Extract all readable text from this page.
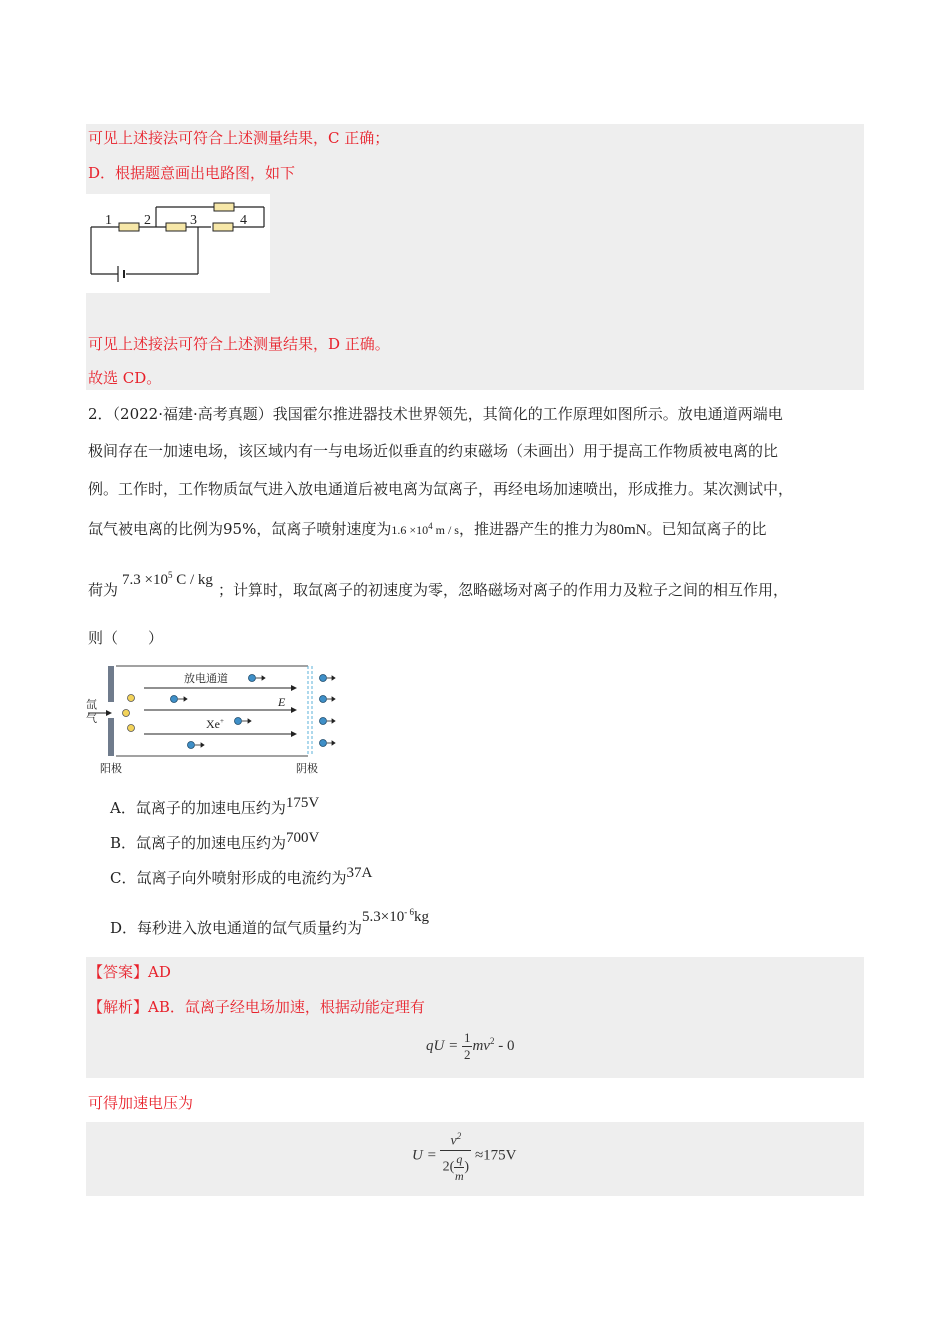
可见上述接法可符合上述测量结果，C 正确；
D．根据题意画出电路图，如下
1 2	3	4
可见上述接法可符合上述测量结果，D 正确。
故选 CD。
2．（2022·福建·高考真题）我国霍尔推进器技术世界领先，其简化的工作原理如图所示。放电通道两端电
极间存在一加速电场，该区域内有一与电场近似垂直的约束磁场（未画出）用于提高工作物质被电离的比
例。工作时，工作物质氙气进入放电通道后被电离为氙离子，再经电场加速喷出，形成推力。某次测试中，
氙气被电离的比例为95%，氙离子喷射速度为$1.6 \times 10^4$ m / s，推进器产生的推力为80mN。已知氙离子的比
荷为
$7.3 \times 10^5$ C / kg
；计算时，取氙离子的初速度为零，忽略磁场对离子的作用力及粒子之间的相互作用，
则（　　）
氙
气
阳极	阴极
放电通道
E
Xe+
A．氙离子的加速电压约为175V
B．氙离子的加速电压约为700V
C．氙离子向外喷射形成的电流约为37A
D．每秒进入放电通道的氙气质量约为$5.3\times 10^{- 6}kg$
【答案】AD
【解析】AB．氙离子经电场加速，根据动能定理有
qU = $\frac{1}{2} mv^2 - 0$
可得加速电压为
$U = \frac{v^2}{2( \frac{q}{m} )} \approx 175V$
